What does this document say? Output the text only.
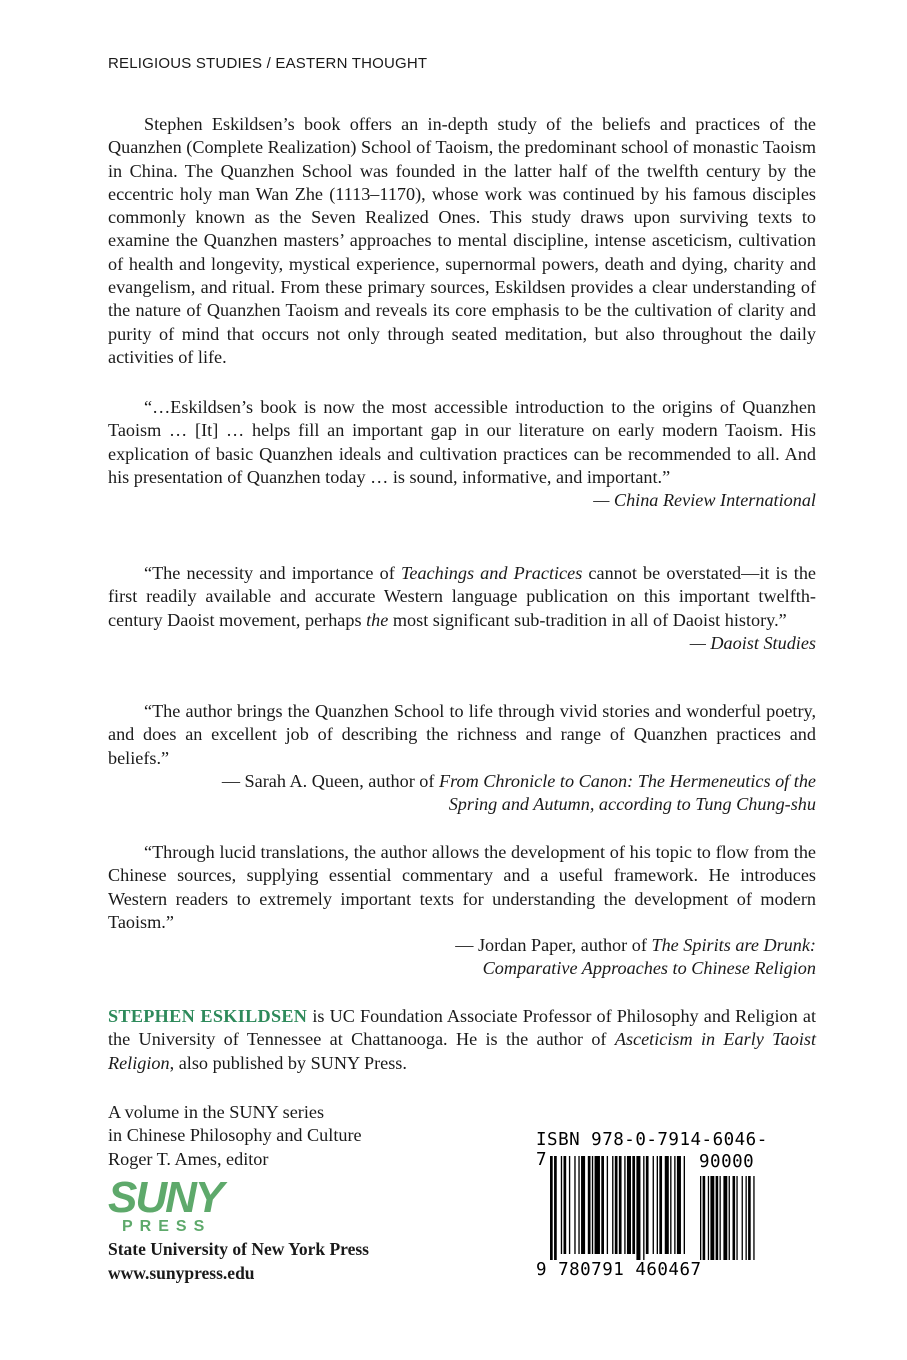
RELIGIOUS STUDIES / EASTERN THOUGHT

Stephen Eskildsen’s book offers an in-depth study of the beliefs and practices of the Quanzhen (Complete Realization) School of Taoism, the predominant school of monastic Taoism in China. The Quanzhen School was founded in the latter half of the twelfth century by the eccentric holy man Wan Zhe (1113–1170), whose work was continued by his famous disciples commonly known as the Seven Realized Ones. This study draws upon surviving texts to examine the Quanzhen masters’ approaches to mental discipline, intense asceticism, cultivation of health and longevity, mystical experience, supernormal powers, death and dying, charity and evangelism, and ritual. From these primary sources, Eskildsen provides a clear understanding of the nature of Quanzhen Taoism and reveals its core emphasis to be the cultivation of clarity and purity of mind that occurs not only through seated meditation, but also throughout the daily activities of life.

“…Eskildsen’s book is now the most accessible introduction to the origins of Quanzhen Taoism … [It] … helps fill an important gap in our literature on early modern Taoism. His explication of basic Quanzhen ideals and cultivation practices can be recommended to all. And his presentation of Quanzhen today … is sound, informative, and important.”

— China Review International

“The necessity and importance of Teachings and Practices cannot be overstated—it is the first readily available and accurate Western language publication on this important twelfth-century Daoist movement, perhaps the most significant sub-tradition in all of Daoist history.”

— Daoist Studies

“The author brings the Quanzhen School to life through vivid stories and wonderful poetry, and does an excellent job of describing the richness and range of Quanzhen practices and beliefs.”

— Sarah A. Queen, author of From Chronicle to Canon: The Hermeneutics of the
Spring and Autumn, according to Tung Chung-shu

“Through lucid translations, the author allows the development of his topic to flow from the Chinese sources, supplying essential commentary and a useful framework. He introduces Western readers to extremely important texts for understanding the development of modern Taoism.”

— Jordan Paper, author of The Spirits are Drunk:
Comparative Approaches to Chinese Religion

STEPHEN ESKILDSEN is UC Foundation Associate Professor of Philosophy and Religion at the University of Tennessee at Chattanooga. He is the author of Asceticism in Early Taoist Religion, also published by SUNY Press.

A volume in the SUNY series
in Chinese Philosophy and Culture
Roger T. Ames, editor
SUNY
PRESS
State University of New York Press
www.sunypress.edu
ISBN 978-0-7914-6046-7	90000
9 780791 460467
